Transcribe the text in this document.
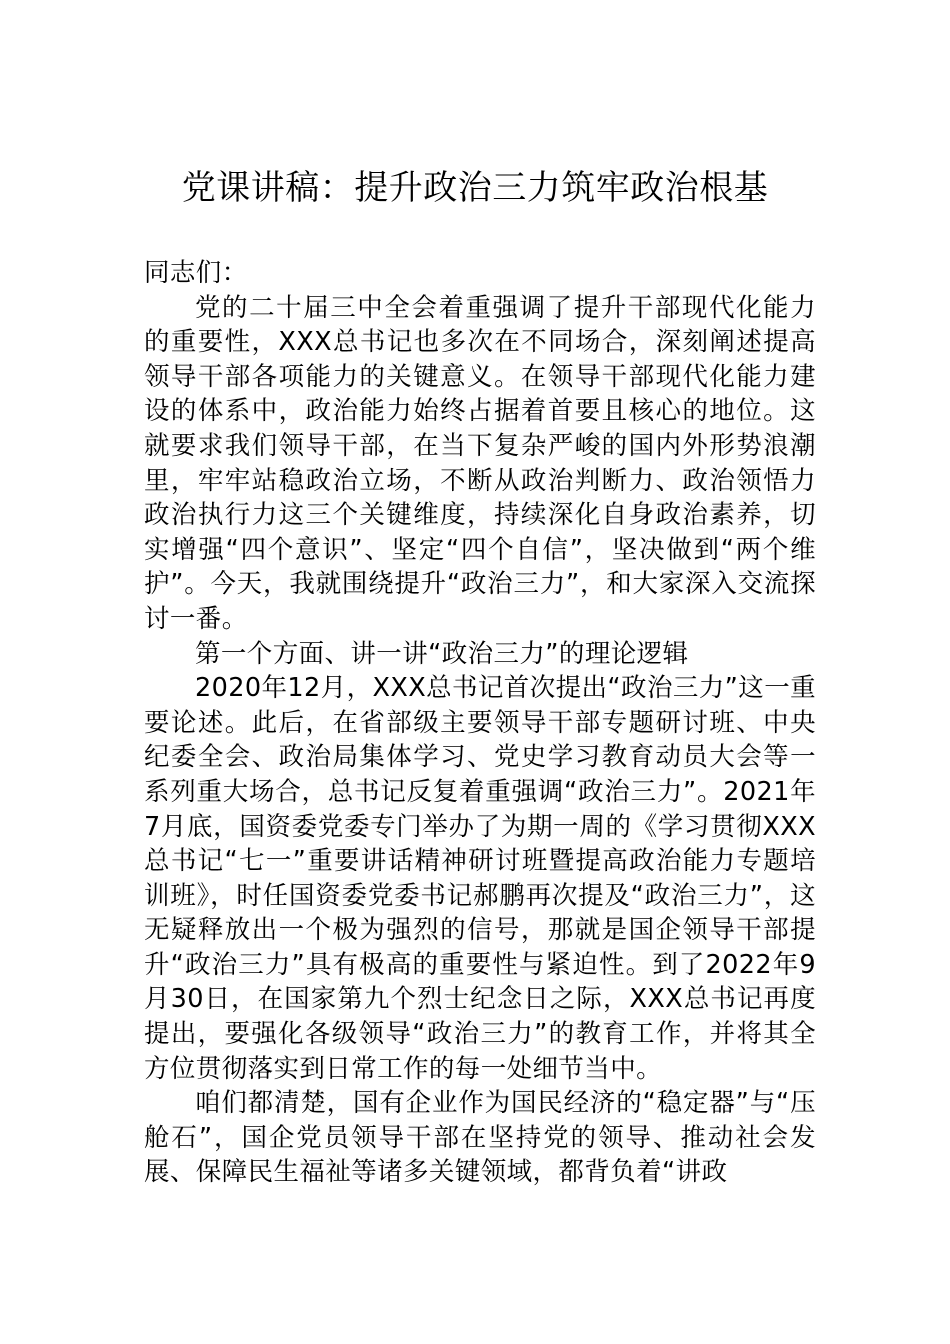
党课讲稿：提升政治三力筑牢政治根基

同志们：

党的二十届三中全会着重强调了提升干部现代化能力的重要性，XXX总书记也多次在不同场合，深刻阐述提高领导干部各项能力的关键意义。在领导干部现代化能力建设的体系中，政治能力始终占据着首要且核心的地位。这就要求我们领导干部，在当下复杂严峻的国内外形势浪潮里，牢牢站稳政治立场，不断从政治判断力、政治领悟力政治执行力这三个关键维度，持续深化自身政治素养，切实增强“四个意识”、坚定“四个自信”，坚决做到“两个维护”。今天，我就围绕提升“政治三力”，和大家深入交流探讨一番。

第一个方面、讲一讲“政治三力”的理论逻辑

2020年12月，XXX总书记首次提出“政治三力”这一重要论述。此后，在省部级主要领导干部专题研讨班、中央纪委全会、政治局集体学习、党史学习教育动员大会等一系列重大场合，总书记反复着重强调“政治三力”。2021年7月底，国资委党委专门举办了为期一周的《学习贯彻XXX总书记“七一”重要讲话精神研讨班暨提高政治能力专题培训班》，时任国资委党委书记郝鹏再次提及“政治三力”，这无疑释放出一个极为强烈的信号，那就是国企领导干部提升“政治三力”具有极高的重要性与紧迫性。到了2022年9月30日，在国家第九个烈士纪念日之际，XXX总书记再度提出，要强化各级领导“政治三力”的教育工作，并将其全方位贯彻落实到日常工作的每一处细节当中。

咱们都清楚，国有企业作为国民经济的“稳定器”与“压舱石”，国企党员领导干部在坚持党的领导、推动社会发展、保障民生福祉等诸多关键领域，都背负着“讲政
